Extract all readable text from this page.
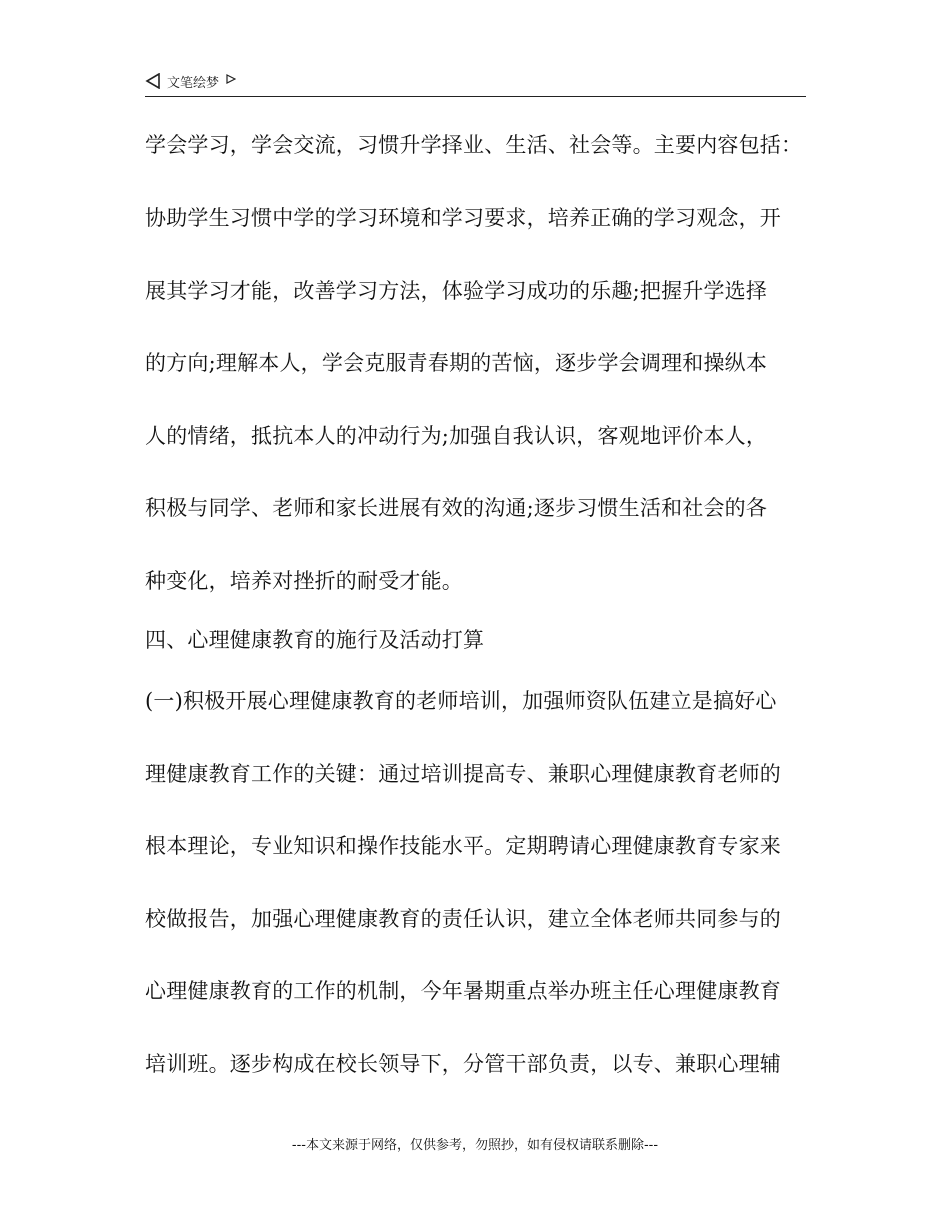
文笔绘梦
学会学习，学会交流，习惯升学择业、生活、社会等。主要内容包括：
协助学生习惯中学的学习环境和学习要求，培养正确的学习观念，开
展其学习才能，改善学习方法，体验学习成功的乐趣;把握升学选择
的方向;理解本人，学会克服青春期的苦恼，逐步学会调理和操纵本
人的情绪，抵抗本人的冲动行为;加强自我认识，客观地评价本人，
积极与同学、老师和家长进展有效的沟通;逐步习惯生活和社会的各
种变化，培养对挫折的耐受才能。
四、心理健康教育的施行及活动打算
(一)积极开展心理健康教育的老师培训，加强师资队伍建立是搞好心
理健康教育工作的关键：通过培训提高专、兼职心理健康教育老师的
根本理论，专业知识和操作技能水平。定期聘请心理健康教育专家来
校做报告，加强心理健康教育的责任认识，建立全体老师共同参与的
心理健康教育的工作的机制，今年暑期重点举办班主任心理健康教育
培训班。逐步构成在校长领导下，分管干部负责，以专、兼职心理辅
---本文来源于网络，仅供参考，勿照抄，如有侵权请联系删除---
